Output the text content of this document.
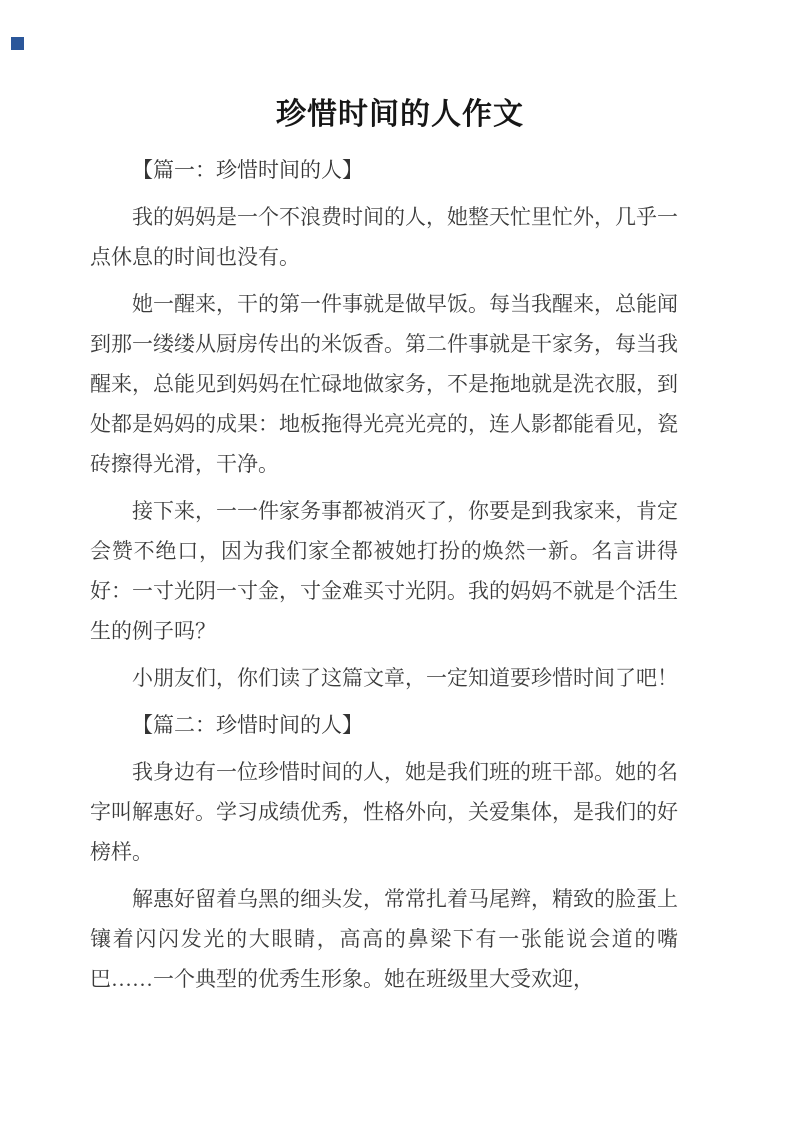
珍惜时间的人作文

【篇一：珍惜时间的人】

我的妈妈是一个不浪费时间的人，她整天忙里忙外，几乎一点休息的时间也没有。

她一醒来，干的第一件事就是做早饭。每当我醒来，总能闻到那一缕缕从厨房传出的米饭香。第二件事就是干家务，每当我醒来，总能见到妈妈在忙碌地做家务，不是拖地就是洗衣服，到处都是妈妈的成果：地板拖得光亮光亮的，连人影都能看见，瓷砖擦得光滑，干净。

接下来，一一件家务事都被消灭了，你要是到我家来，肯定会赞不绝口，因为我们家全都被她打扮的焕然一新。名言讲得好：一寸光阴一寸金，寸金难买寸光阴。我的妈妈不就是个活生生的例子吗？

小朋友们，你们读了这篇文章，一定知道要珍惜时间了吧！

【篇二：珍惜时间的人】

我身边有一位珍惜时间的人，她是我们班的班干部。她的名字叫解惠好。学习成绩优秀，性格外向，关爱集体，是我们的好榜样。

解惠好留着乌黑的细头发，常常扎着马尾辫，精致的脸蛋上镶着闪闪发光的大眼睛，高高的鼻梁下有一张能说会道的嘴巴……一个典型的优秀生形象。她在班级里大受欢迎，
